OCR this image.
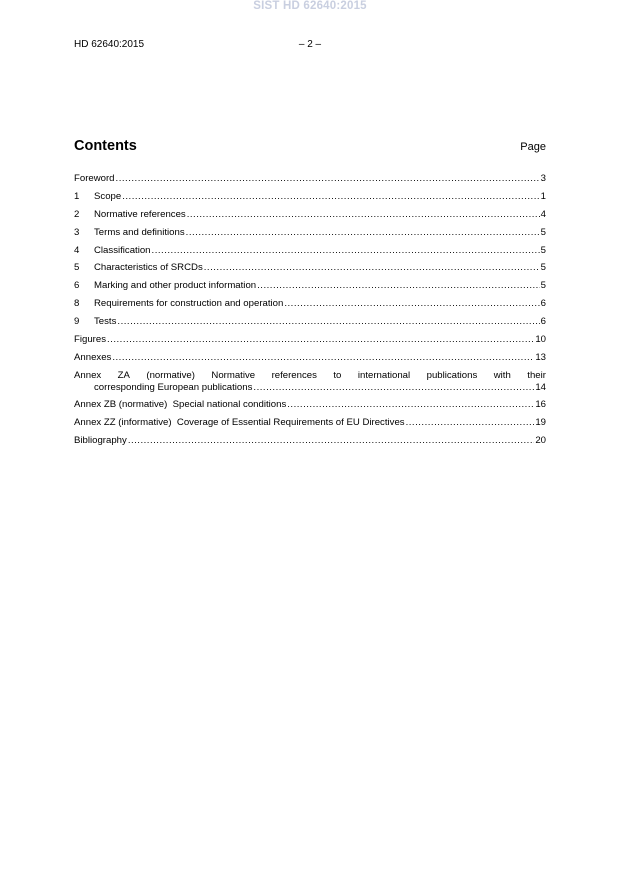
SIST HD 62640:2015
HD 62640:2015	– 2 –
Contents	Page
Foreword .....	3
1	Scope .....	1
2	Normative references .....	4
3	Terms and definitions .....	5
4	Classification .....	5
5	Characteristics of SRCDs .....	5
6	Marking and other product information .....	5
8	Requirements for construction and operation .....	6
9	Tests .....	6
Figures .....	10
Annexes .....	13
Annex ZA (normative) Normative references to international publications with their
corresponding European publications .....	14
Annex ZB (normative)  Special national conditions .....	16
Annex ZZ (informative)  Coverage of Essential Requirements of EU Directives .....	19
Bibliography .....	20
